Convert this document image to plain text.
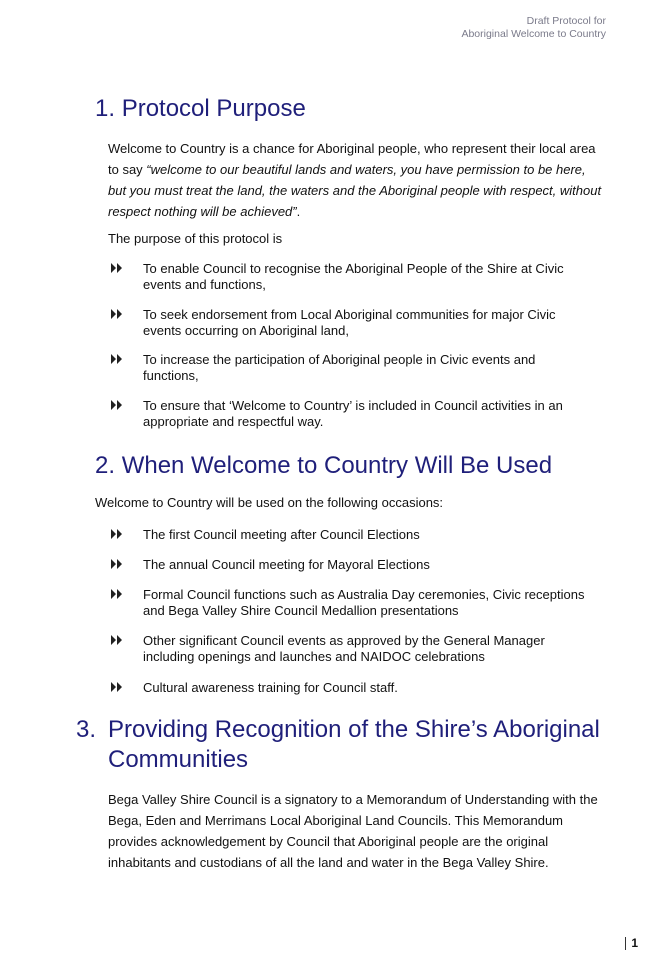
Draft Protocol for
Aboriginal Welcome to Country
1. Protocol Purpose

Welcome to Country is a chance for Aboriginal people, who represent their local area to say “welcome to our beautiful lands and waters, you have permission to be here, but you must treat the land, the waters and the Aboriginal people with respect, without respect nothing will be achieved”.

The purpose of this protocol is

To enable Council to recognise the Aboriginal People of the Shire at Civic events and functions,
To seek endorsement from Local Aboriginal communities for major Civic events occurring on Aboriginal land,
To increase the participation of Aboriginal people in Civic events and functions,
To ensure that ‘Welcome to Country’ is included in Council activities in an appropriate and respectful way.
2. When Welcome to Country Will Be Used

Welcome to Country will be used on the following occasions:

The first Council meeting after Council Elections
The annual Council meeting for Mayoral Elections
Formal Council functions such as Australia Day ceremonies, Civic receptions and Bega Valley Shire Council Medallion presentations
Other significant Council events as approved by the General Manager including openings and launches and NAIDOC celebrations
Cultural awareness training for Council staff.
3. Providing Recognition of the Shire’s Aboriginal
Communities

Bega Valley Shire Council is a signatory to a Memorandum of Understanding with the Bega, Eden and Merrimans Local Aboriginal Land Councils. This Memorandum provides acknowledgement by Council that Aboriginal people are the original inhabitants and custodians of all the land and water in the Bega Valley Shire.

1
